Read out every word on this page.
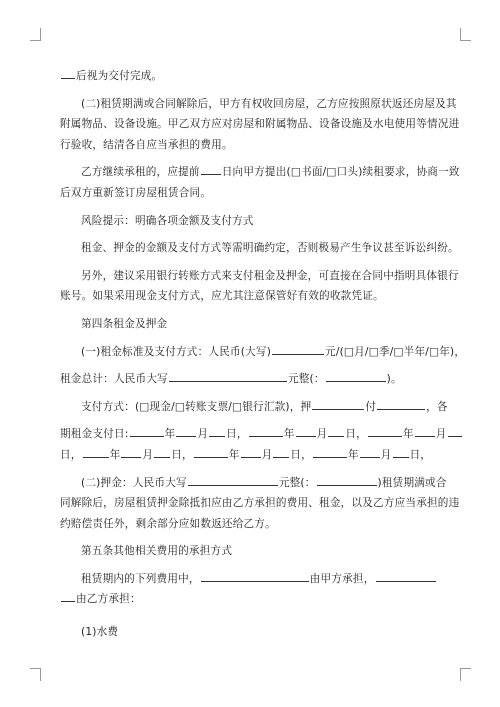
后视为交付完成。

(二)租赁期满或合同解除后，甲方有权收回房屋，乙方应按照原状返还房屋及其
附属物品、设备设施。甲乙双方应对房屋和附属物品、设备设施及水电使用等情况进
行验收，结清各自应当承担的费用。

乙方继续承租的，应提前 日向甲方提出(□书面/□口头)续租要求，协商一致
后双方重新签订房屋租赁合同。

风险提示：明确各项金额及支付方式

租金、押金的金额及支付方式等需明确约定，否则极易产生争议甚至诉讼纠纷。

另外，建议采用银行转账方式来支付租金及押金，可直接在合同中指明具体银行
账号。如果采用现金支付方式，应尤其注意保管好有效的收款凭证。

第四条租金及押金

(一)租金标准及支付方式：人民币(大写)	元/(□月/□季/□半年/□年)，

租金总计：人民币大写	元整(：	)。

支付方式：(□现金/□转账支票/□银行汇款)，押	付	，各

期租金支付日:	年 月 日，	年 月 日，	年 月
日，	年 月 日，	年 月 日，	年 月 日，

(二)押金：人民币大写	元整(：	)租赁期满或合
同解除后，房屋租赁押金除抵扣应由乙方承担的费用、租金，以及乙方应当承担的违
约赔偿责任外，剩余部分应如数返还给乙方。

第五条其他相关费用的承担方式

租赁期内的下列费用中，	由甲方承担，
由乙方承担：

(1)水费
